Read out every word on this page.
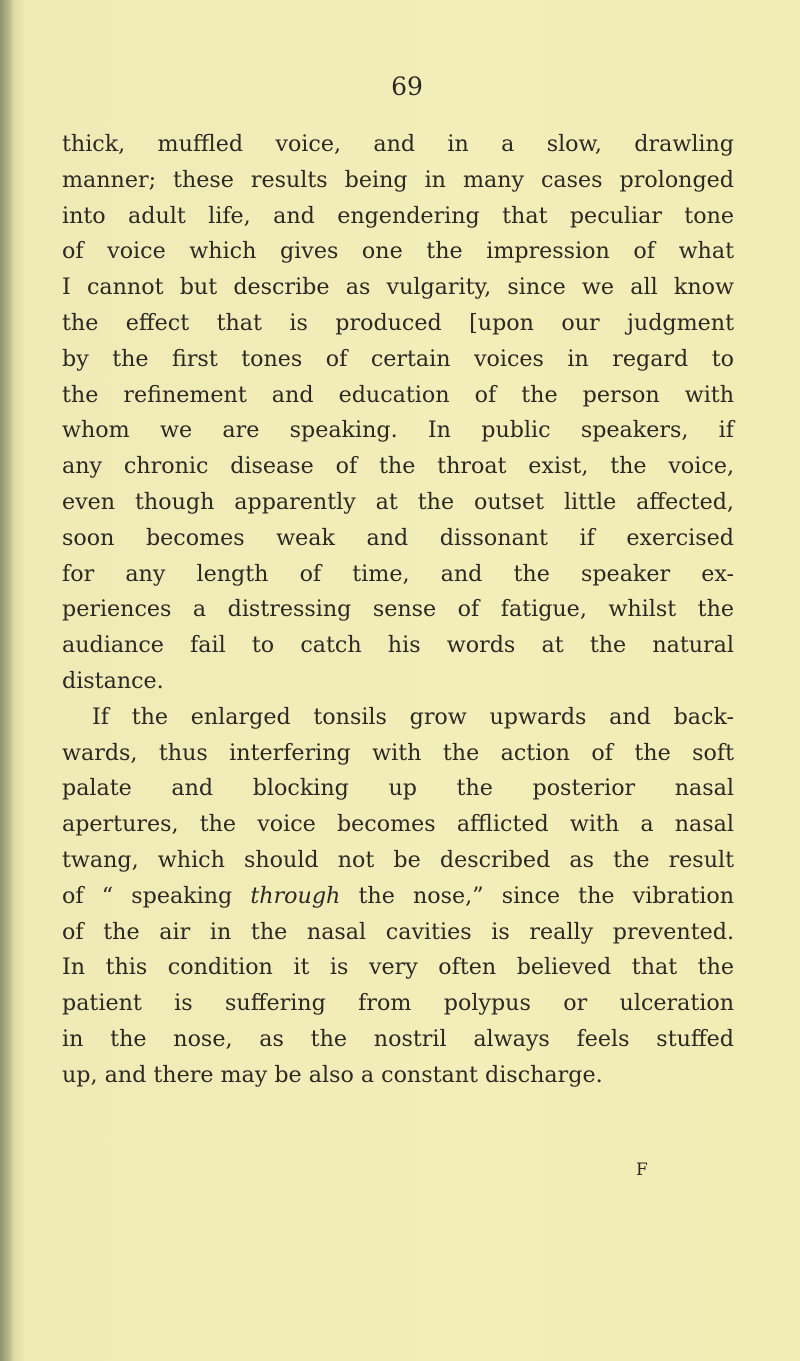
69
thick, muffled voice, and in a slow, drawling
manner; these results being in many cases prolonged
into adult life, and engendering that peculiar tone
of voice which gives one the impression of what
I cannot but describe as vulgarity, since we all know
the effect that is produced [upon our judgment
by the first tones of certain voices in regard to
the refinement and education of the person with
whom we are speaking. In public speakers, if
any chronic disease of the throat exist, the voice,
even though apparently at the outset little affected,
soon becomes weak and dissonant if exercised
for any length of time, and the speaker ex-
periences a distressing sense of fatigue, whilst the
audiance fail to catch his words at the natural
distance.
If the enlarged tonsils grow upwards and back-
wards, thus interfering with the action of the soft
palate and blocking up the posterior nasal
apertures, the voice becomes afflicted with a nasal
twang, which should not be described as the result
of “ speaking through the nose,” since the vibration
of the air in the nasal cavities is really prevented.
In this condition it is very often believed that the
patient is suffering from polypus or ulceration
in the nose, as the nostril always feels stuffed
up, and there may be also a constant discharge.
F
